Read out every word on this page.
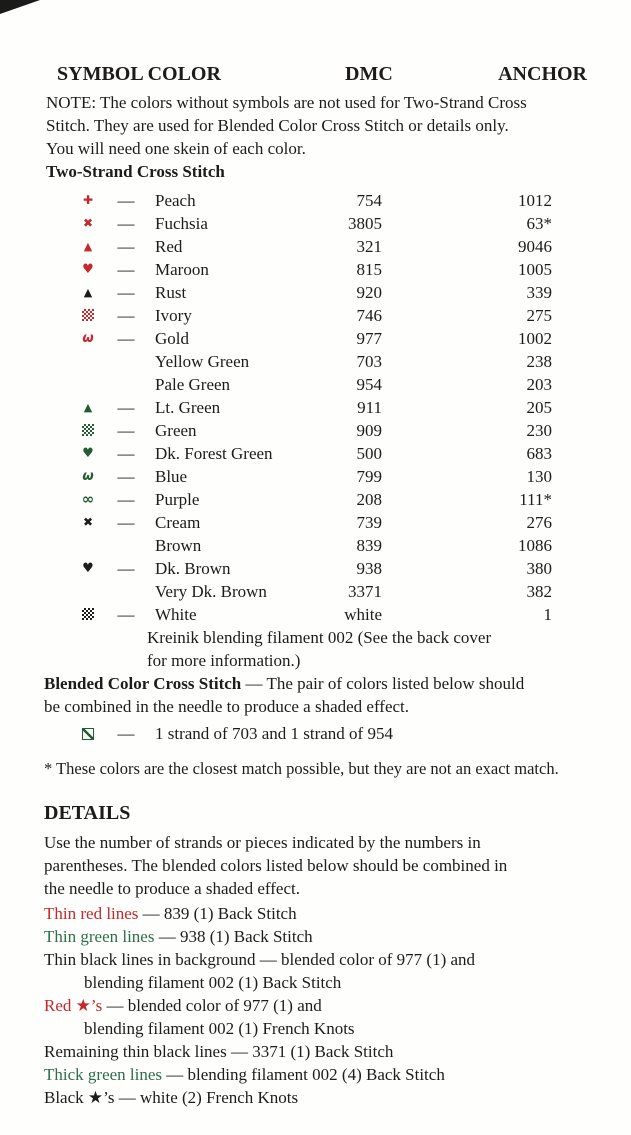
SYMBOL COLOR	DMC	ANCHOR
NOTE: The colors without symbols are not used for Two-Strand Cross
Stitch. They are used for Blended Color Cross Stitch or details only.
You will need one skein of each color.
Two-Strand Cross Stitch
✚	—	Peach	754	1012
✖	—	Fuchsia	3805	63*
▲	—	Red	321	9046
♥	—	Maroon	815	1005
▲	—	Rust	920	339
—	Ivory	746	275
ω	—	Gold	977	1002
Yellow Green	703	238
Pale Green	954	203
▲	—	Lt. Green	911	205
—	Green	909	230
♥	—	Dk. Forest Green	500	683
ω	—	Blue	799	130
∞	—	Purple	208	111*
✖	—	Cream	739	276
Brown	839	1086
♥	—	Dk. Brown	938	380
Very Dk. Brown	3371	382
—	White	white	1
Kreinik blending filament 002 (See the back cover
for more information.)
Blended Color Cross Stitch — The pair of colors listed below should
be combined in the needle to produce a shaded effect.
—	1 strand of 703 and 1 strand of 954
* These colors are the closest match possible, but they are not an exact match.
DETAILS
Use the number of strands or pieces indicated by the numbers in
parentheses. The blended colors listed below should be combined in
the needle to produce a shaded effect.
Thin red lines — 839 (1) Back Stitch
Thin green lines — 938 (1) Back Stitch
Thin black lines in background — blended color of 977 (1) and
blending filament 002 (1) Back Stitch
Red ★’s — blended color of 977 (1) and
blending filament 002 (1) French Knots
Remaining thin black lines — 3371 (1) Back Stitch
Thick green lines — blending filament 002 (4) Back Stitch
Black ★’s — white (2) French Knots
